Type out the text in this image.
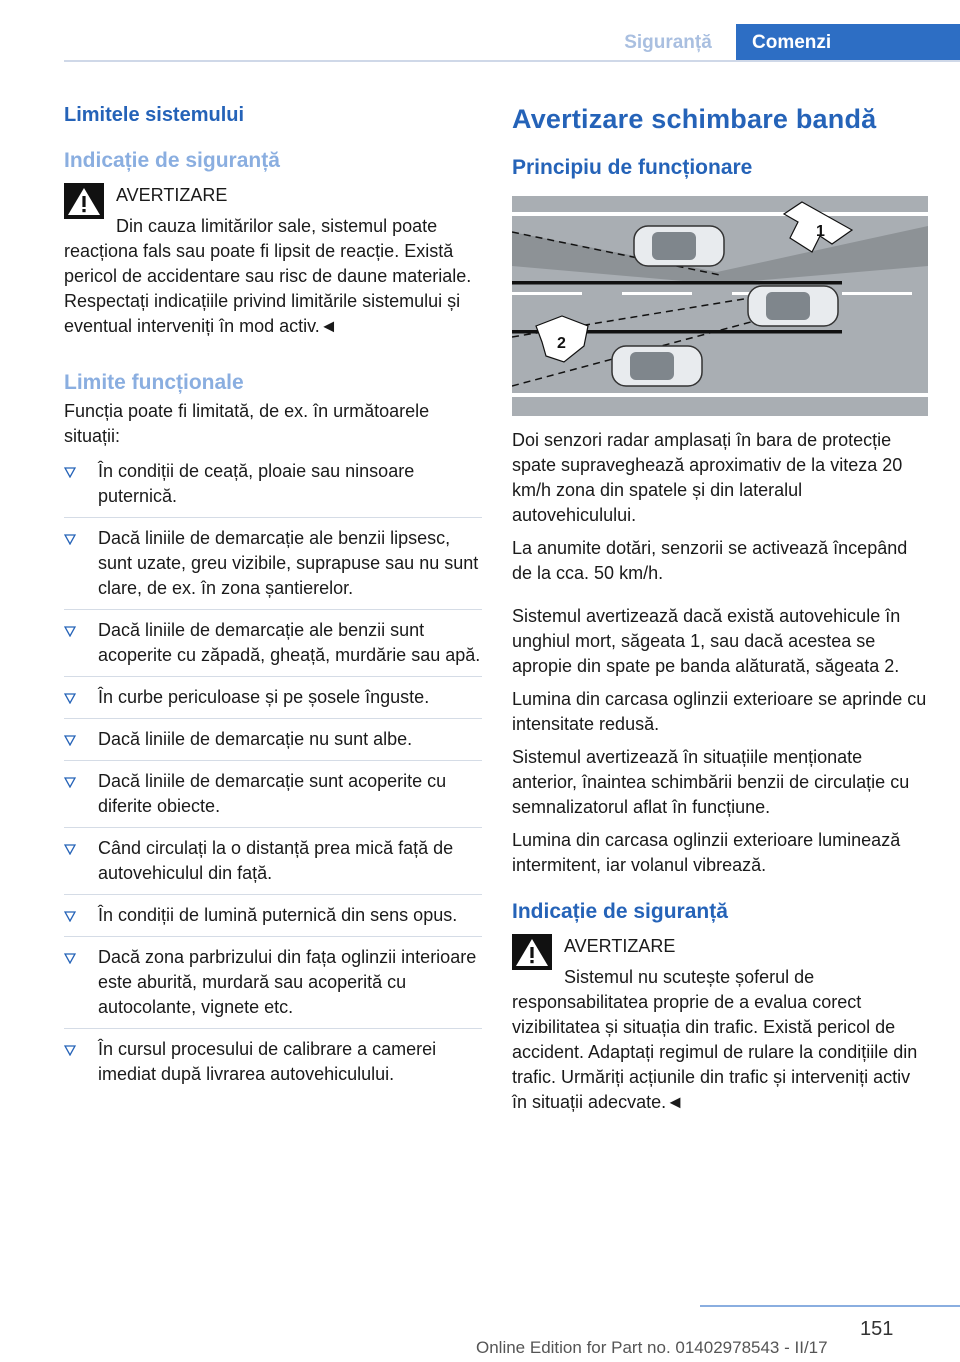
Siguranță	Comenzi
Limitele sistemului
Indicație de siguranță
AVERTIZARE

Din cauza limitărilor sale, sistemul poate reacționa fals sau poate fi lipsit de reacție. Există pericol de accidentare sau risc de daune materiale. Respectați indicațiile privind limitările sistemului și eventual interveniți în mod activ.◄

Limite funcționale

Funcția poate fi limitată, de ex. în următoarele situații:

În condiții de ceață, ploaie sau ninsoare puternică.
Dacă liniile de demarcație ale benzii lipsesc, sunt uzate, greu vizibile, suprapuse sau nu sunt clare, de ex. în zona șantierelor.
Dacă liniile de demarcație ale benzii sunt acoperite cu zăpadă, gheață, murdărie sau apă.
În curbe periculoase și pe șosele înguste.
Dacă liniile de demarcație nu sunt albe.
Dacă liniile de demarcație sunt acoperite cu diferite obiecte.
Când circulați la o distanță prea mică față de autovehiculul din față.
În condiții de lumină puternică din sens opus.
Dacă zona parbrizului din fața oglinzii interioare este aburită, murdară sau acoperită cu autocolante, vignete etc.
În cursul procesului de calibrare a camerei imediat după livrarea autovehiculului.
Avertizare schimbare bandă
Principiu de funcționare
1
2

Doi senzori radar amplasați în bara de protecție spate supraveghează aproximativ de la viteza 20 km/h zona din spatele și din lateralul autovehiculului.

La anumite dotări, senzorii se activează începând de la cca. 50 km/h.

Sistemul avertizează dacă există autovehicule în unghiul mort, săgeata 1, sau dacă acestea se apropie din spate pe banda alăturată, săgeata 2.

Lumina din carcasa oglinzii exterioare se aprinde cu intensitate redusă.

Sistemul avertizează în situațiile menționate anterior, înaintea schimbării benzii de circulație cu semnalizatorul aflat în funcțiune.

Lumina din carcasa oglinzii exterioare luminează intermitent, iar volanul vibrează.

Indicație de siguranță
AVERTIZARE

Sistemul nu scutește șoferul de responsabilitatea proprie de a evalua corect vizibilitatea și situația din trafic. Există pericol de accident. Adaptați regimul de rulare la condițiile din trafic. Urmăriți acțiunile din trafic și interveniți activ în situații adecvate.◄

151
Online Edition for Part no. 01402978543 - II/17
